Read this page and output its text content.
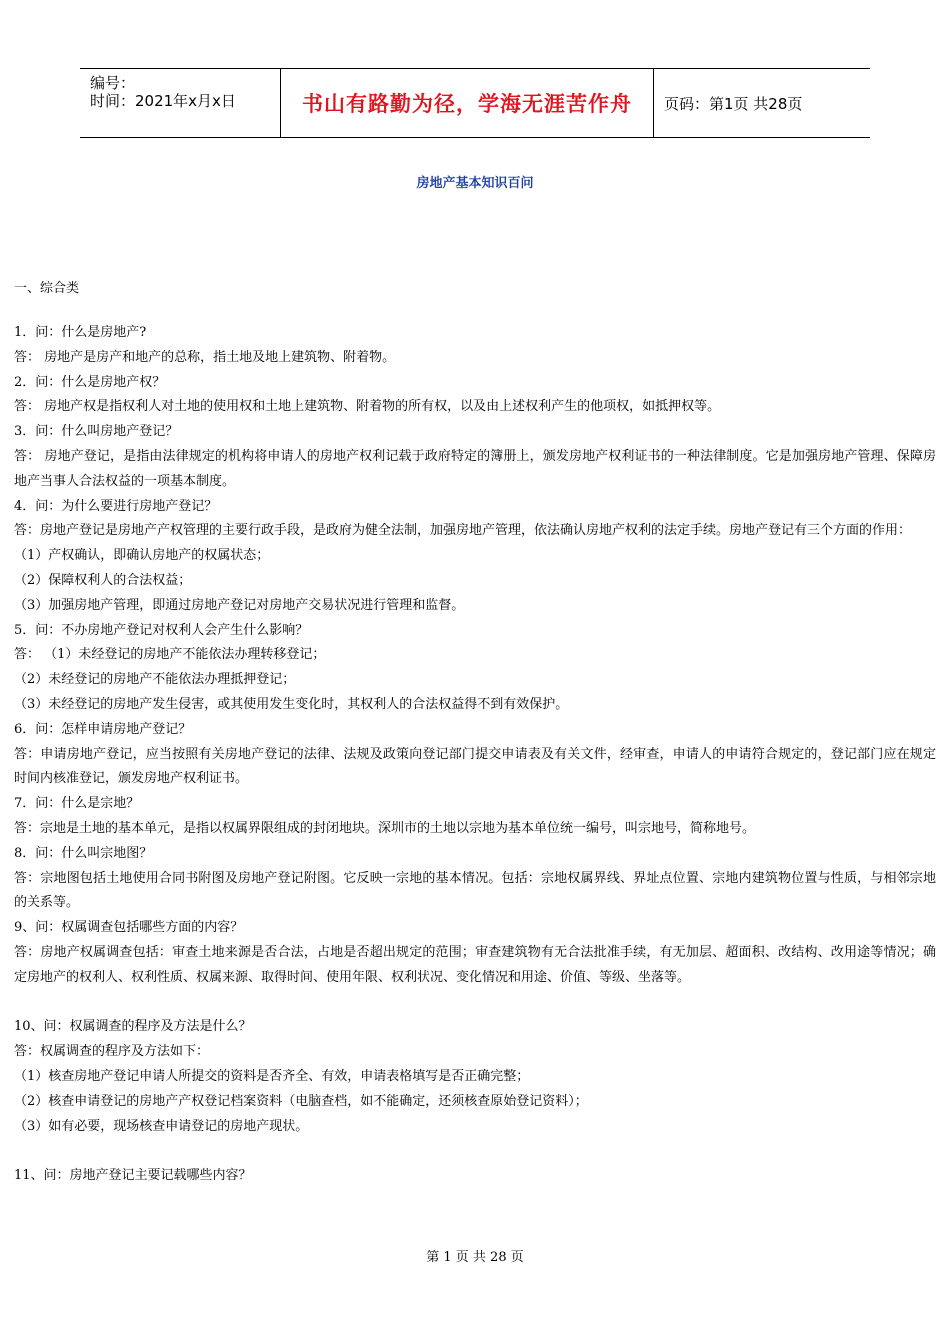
编号：
时间：2021年x月x日	书山有路勤为径，学海无涯苦作舟 页码：第1页 共28页
房地产基本知识百问
一、综合类

1．问：什么是房地产?

答： 房地产是房产和地产的总称，指土地及地上建筑物、附着物。

2．问：什么是房地产权？

答： 房地产权是指权利人对土地的使用权和土地上建筑物、附着物的所有权，以及由上述权利产生的他项权，如抵押权等。

3．问：什么叫房地产登记？

答： 房地产登记，是指由法律规定的机构将申请人的房地产权利记载于政府特定的簿册上，颁发房地产权利证书的一种法律制度。它是加强房地产管理、保障房地产当事人合法权益的一项基本制度。

4．问：为什么要进行房地产登记？

答：房地产登记是房地产产权管理的主要行政手段，是政府为健全法制，加强房地产管理，依法确认房地产权利的法定手续。房地产登记有三个方面的作用：

（1）产权确认，即确认房地产的权属状态；

（2）保障权利人的合法权益；

（3）加强房地产管理，即通过房地产登记对房地产交易状况进行管理和监督。

5．问：不办房地产登记对权利人会产生什么影响？

答： （1）未经登记的房地产不能依法办理转移登记；

（2）未经登记的房地产不能依法办理抵押登记；

（3）未经登记的房地产发生侵害，或其使用发生变化时，其权利人的合法权益得不到有效保护。

6．问：怎样申请房地产登记？

答：申请房地产登记，应当按照有关房地产登记的法律、法规及政策向登记部门提交申请表及有关文件，经审查，申请人的申请符合规定的，登记部门应在规定时间内核准登记，颁发房地产权利证书。

7．问：什么是宗地？

答：宗地是土地的基本单元，是指以权属界限组成的封闭地块。深圳市的土地以宗地为基本单位统一编号，叫宗地号，简称地号。

8．问：什么叫宗地图？

答：宗地图包括土地使用合同书附图及房地产登记附图。它反映一宗地的基本情况。包括：宗地权属界线、界址点位置、宗地内建筑物位置与性质，与相邻宗地的关系等。

9、问：权属调查包括哪些方面的内容？

答：房地产权属调查包括：审查土地来源是否合法，占地是否超出规定的范围；审查建筑物有无合法批准手续，有无加层、超面积、改结构、改用途等情况；确定房地产的权利人、权利性质、权属来源、取得时间、使用年限、权利状况、变化情况和用途、价值、等级、坐落等。

10、问：权属调查的程序及方法是什么？

答：权属调查的程序及方法如下：

（1）核查房地产登记申请人所提交的资料是否齐全、有效，申请表格填写是否正确完整；

（2）核查申请登记的房地产产权登记档案资料（电脑查档，如不能确定，还须核查原始登记资料）；

（3）如有必要，现场核查申请登记的房地产现状。

11、问：房地产登记主要记载哪些内容？

第 1 页 共 28 页
